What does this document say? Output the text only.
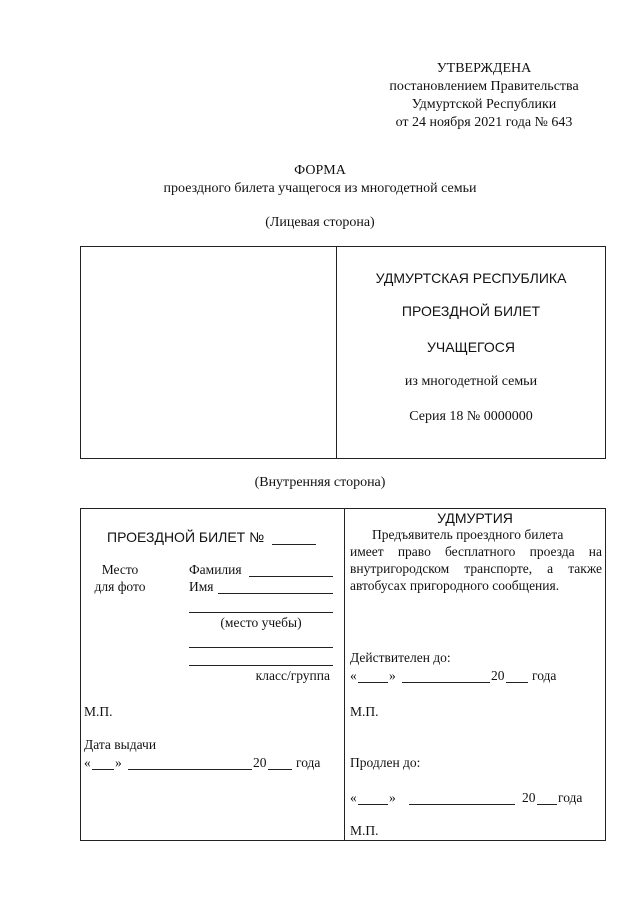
УТВЕРЖДЕНА
постановлением Правительства
Удмуртской Республики
от 24 ноября 2021 года № 643
ФОРМА
проездного билета учащегося из многодетной семьи
(Лицевая сторона)
УДМУРТСКАЯ РЕСПУБЛИКА
ПРОЕЗДНОЙ БИЛЕТ
УЧАЩЕГОСЯ
из многодетной семьи
Серия 18 № 0000000
(Внутренняя сторона)
ПРОЕЗДНОЙ БИЛЕТ №
Место
для фото
Фамилия
Имя
(место учебы)
класс/группа
М.П.
Дата выдачи
« »	20 года
УДМУРТИЯ
Предъявитель проездного билета
имеет право бесплатного проезда на
внутригородском транспорте, а также
автобусах пригородного сообщения.
Действителен до:
« »	20 года
М.П.
Продлен до:
« »	20 года
М.П.
